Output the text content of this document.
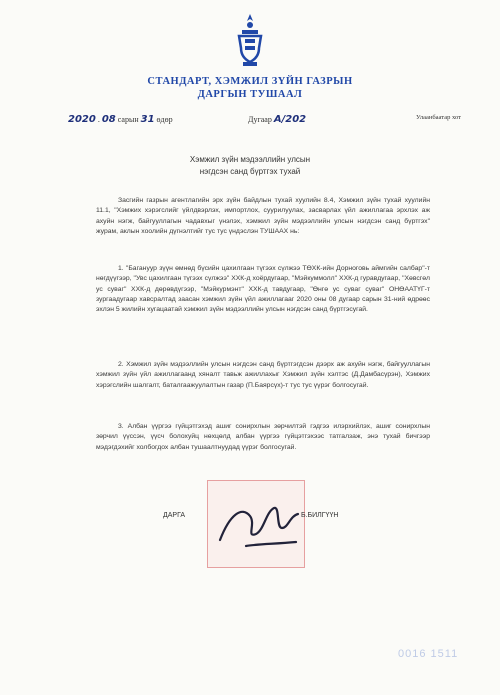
СТАНДАРТ, ХЭМЖИЛ ЗҮЙН ГАЗРЫН
ДАРГЫН ТУШААЛ
2020 . 08 сарын 31 өдөр	Дугаар А/202	Улаанбаатар хот
Хэмжил зүйн мэдээллийн улсын
нэгдсэн санд бүртгэх тухай

Засгийн газрын агентлагийн эрх зүйн байдлын тухай хуулийн 8.4, Хэмжил зүйн тухай хуулийн 11.1, "Хэмжих хэрэгслийг үйлдвэрлэх, импортлох, суурилуулах, засварлах үйл ажиллагаа эрхлэх аж ахуйн нэгж, байгууллагын чадавхыг үнэлэх, хэмжил зүйн мэдээллийн улсын нэгдсэн санд бүртгэх" журам, аклын хоолийн дүгнэлтийг тус тус үндэслэн ТУШААХ нь:

1. "Багануур зүүн өмнөд бүсийн цахилгаан түгээх сүлжээ ТӨХК-ийн Дорноговь аймгийн салбар"-т нөгдүүгээр, "Увс цахилгаан түгээх сүлжээ" ХХК-д хоёрдугаар, "Мэйкуммолл" ХХК-д гуравдугаар, "Хөвсгөл ус суваг" ХХК-д дөрөвдүгээр, "Мэйкурмэнт" ХХК-д тавдугаар, "Өнгө ус суваг суваг" ОНӨААТҮГ-т зургаадугаар хавсралтад заасан хэмжил зүйн үйл ажиллагааг 2020 оны 08 дугаар сарын 31-ний өдрөөс эхлэн 5 жилийн хугацаатай хэмжил зүйн мэдээллийн улсын нэгдсэн санд бүртгэсугай.

2. Хэмжил зүйн мэдээллийн улсын нэгдсэн санд бүртгэгдсэн дээрх аж ахуйн нэгж, байгууллагын хэмжил зүйн үйл ажиллагаанд хяналт тавьж ажиллахыг Хэмжил зүйн хэлтэс (Д.Дамбасүрэн), Хэмжих хэрэгслийн шалгалт, баталгаажуулалтын газар (П.Баярсүх)-т тус тус үүрэг болгосугай.

3. Албан үүргээ гүйцэтгэхэд ашиг сонирхлын зөрчилтэй гэдгээ илэрхийлэх, ашиг сонирхлын зөрчил үүссэн, үүсч болохуйц нөхцөлд албан үүргээ гүйцэтгэхээс татгалзаж, энэ тухай бичгээр мэдэгдэхийг холбогдох албан тушаалтнуудад үүрэг болгосугай.

ДАРГА	Б.БИЛГҮҮН
0016 1511
